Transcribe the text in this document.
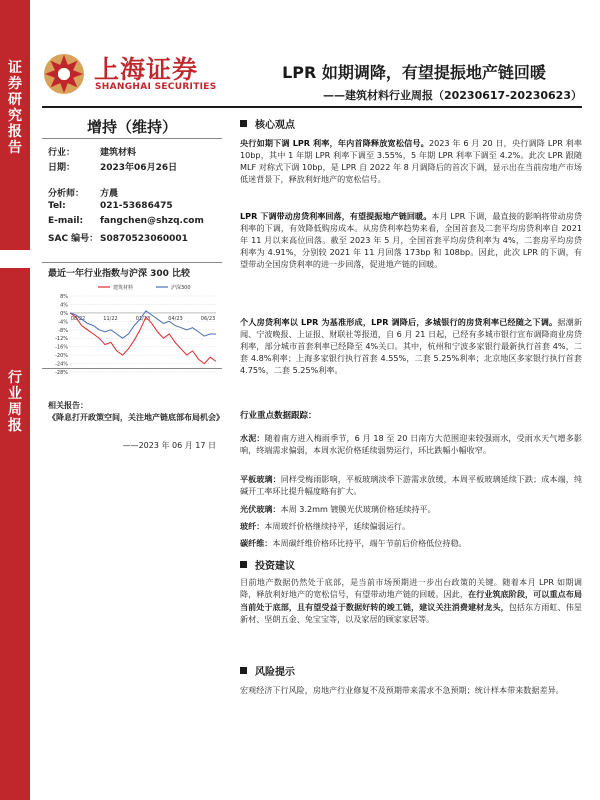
证券研究报告
行业周报
上海证券
SHANGHAI SECURITIES
LPR 如期调降，有望提振地产链回暖
——建筑材料行业周报（20230617-20230623）
增持（维持）
行业：	建筑材料
日期：	2023年06月26日
分析师： 方晨
Tel:	021-53686475
E-mail: fangchen@shzq.com
SAC 编号： S0870523060001
最近一年行业指数与沪深 300 比较
8%
4%
0%
-4%
-8%
-12%
-16%
-20%
-24%
-28%
08/22	11/22	01/23	04/23	06/23
建筑材料	沪深300
相关报告：
《降息打开政策空间，关注地产链底部布局机会》
——2023 年 06 月 17 日
核心观点
央行如期下调 LPR 利率，年内首降释放宽松信号。2023 年 6 月 20 日，央行调降 LPR 利率 10bp，其中 1 年期 LPR 利率下调至 3.55%，5 年期 LPR 利率下调至 4.2%。此次 LPR 跟随 MLF 对称式下调 10bp，是 LPR 自 2022 年 8 月调降后的首次下调，显示出在当前房地产市场低迷背景下，释放利好地产的宽松信号。
LPR 下调带动房贷利率回落，有望提振地产链回暖。本月 LPR 下调，最直接的影响将带动房贷利率的下调，有效降低购房成本。从房贷利率趋势来看，全国首套及二套平均房贷利率自 2021 年 11 月以来高位回落。截至 2023 年 5 月，全国首套平均房贷利率为 4%，二套房平均房贷利率为 4.91%，分别较 2021 年 11 月回落 173bp 和 108bp。因此，此次 LPR 的下调，有望带动全国房贷利率的进一步回落，促进地产链的回暖。
个人房贷利率以 LPR 为基准形成，LPR 调降后，多城银行的房贷利率已经随之下调。据潮新闻、宁波晚报、上证报、财联社等报道，自 6 月 21 日起，已经有多城市银行宣布调降商业房贷利率，部分城市首套利率已经降至 4%关口。其中，杭州和宁波多家银行最新执行首套 4%，二套 4.8%利率；上海多家银行执行首套 4.55%，二套 5.25%利率；北京地区多家银行执行首套 4.75%，二套 5.25%利率。
行业重点数据跟踪：
水泥：随着南方进入梅雨季节，6 月 18 至 20 日南方大范围迎来较强雨水，受雨水天气增多影响，终端需求偏弱，本周水泥价格延续弱势运行，环比跌幅小幅收窄。
平板玻璃：同样受梅雨影响，平板玻璃淡季下游需求放缓，本周平板玻璃延续下跌；成本端，纯碱开工率环比提升幅度略有扩大。
光伏玻璃：本周 3.2mm 镀膜光伏玻璃价格延续持平。
玻纤：本周玻纤价格继续持平，延续偏弱运行。
碳纤维：本周碳纤维价格环比持平，端午节前后价格低位持稳。
投资建议
目前地产数据仍然处于底部，是当前市场预期进一步出台政策的关键。随着本月 LPR 如期调降，释放利好地产的宽松信号，有望带动地产链的回暖。因此，在行业筑底阶段，可以重点布局当前处于底部，且有望受益于数据好转的竣工链，建议关注消费建材龙头，包括东方雨虹、伟星新材、坚朗五金、兔宝宝等，以及家居的顾家家居等。
风险提示
宏观经济下行风险，房地产行业修复不及预期带来需求不急预期；统计样本带来数据差异。
